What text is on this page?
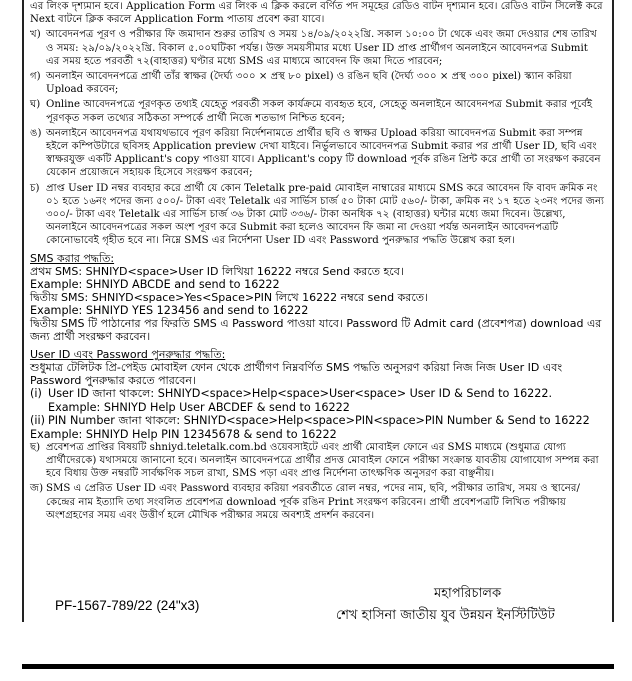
এর লিংক দৃশ্যমান হবে। Application Form এর লিংক এ ক্লিক করলে বর্ণিত পদ সমূহের রেডিও বাটন দৃশ্যমান হবে। রেডিও বাটন সিলেক্ট করে Next বাটনে ক্লিক করলে Application Form পাতায় প্রবেশ করা যাবে।

খ) আবেদনপত্র পূরণ ও পরীক্ষার ফি জমাদান শুরুর তারিখ ও সময় ১৪/০৯/২০২২খ্রি. সকাল ১০:০০ টা থেকে এবং জমা দেওয়ার শেষ তারিখ ও সময়: ২৯/০৯/২০২২খ্রি. বিকাল ৫.০০ঘটিকা পর্যন্ত। উক্ত সময়সীমার মধ্যে User ID প্রাপ্ত প্রার্থীগণ অনলাইনে আবেদনপত্র Submit এর সময় হতে পরবর্তী ৭২(বাহাত্তর) ঘণ্টার মধ্যে SMS এর মাধ্যমে আবেদন ফি জমা দিতে পারবেন;

গ) অনলাইন আবেদনপত্রে প্রার্থী তাঁর স্বাক্ষর (দৈর্ঘ্য ৩০০ × প্রস্থ ৮০ pixel) ও রঙিন ছবি (দৈর্ঘ্য ৩০০ × প্রস্থ ৩০০ pixel) স্ক্যান করিয়া Upload করবেন;

ঘ) Online আবেদনপত্রে পূরণকৃত তথ্যই যেহেতু পরবর্তী সকল কার্যক্রমে ব্যবহৃত হবে, সেহেতু অনলাইনে আবেদনপত্র Submit করার পূর্বেই পূরণকৃত সকল তথ্যের সঠিকতা সম্পর্কে প্রার্থী নিজে শতভাগ নিশ্চিত হবেন;

ঙ) অনলাইনে আবেদনপত্র যথাযথভাবে পূরণ করিয়া নির্দেশনামতে প্রার্থীর ছবি ও স্বাক্ষর Upload করিয়া আবেদনপত্র Submit করা সম্পন্ন হইলে কম্পিউটারে ছবিসহ Application preview দেখা যাইবে। নির্ভুলভাবে আবেদনপত্র Submit করার পর প্রার্থী User ID, ছবি এবং স্বাক্ষরযুক্ত একটি Applicant's copy পাওয়া যাবে। Applicant's copy টি download পূর্বক রঙিন প্রিন্ট করে প্রার্থী তা সংরক্ষণ করবেন যেকোন প্রয়োজনে সহায়ক হিসেবে সংরক্ষণ করবেন;

চ) প্রাপ্ত User ID নম্বর ব্যবহার করে প্রার্থী যে কোন Teletalk pre-paid মোবাইল নাম্বারের মাধ্যমে SMS করে আবেদন ফি বাবদ ক্রমিক নং ০১ হতে ১৬নং পদের জন্য ৫০০/- টাকা এবং Teletalk এর সার্ভিস চার্জ ৫০ টাকা মোট ৫৬০/- টাকা, ক্রমিক নং ১৭ হতে ২৩নং পদের জন্য ৩০০/- টাকা এবং Teletalk এর সার্ভিস চার্জ ৩৬ টাকা মোট ৩৩৬/- টাকা অনধিক ৭২ (বাহাত্তর) ঘন্টার মধ্যে জমা দিবেন। উল্লেখ্য, অনলাইনে আবেদনপত্রের সকল অংশ পূরণ করে Submit করা হলেও আবেদন ফি জমা না দেওয়া পর্যন্ত অনলাইন আবেদনপত্রটি কোনোভাবেই গৃহীত হবে না। নিম্নে SMS এর নির্দেশনা User ID এবং Password পুনরুদ্ধার পদ্ধতি উল্লেখ করা হল।

SMS করার পদ্ধতি:
প্রথম SMS: SHNIYD<space>User ID লিখিয়া 16222 নম্বরে Send করতে হবে।
Example: SHNIYD ABCDE and send to 16222
দ্বিতীয় SMS: SHNIYD<space>Yes<Space>PIN লিখে 16222 নম্বরে send করতে।
Example: SHNIYD YES 123456 and send to 16222
দ্বিতীয় SMS টি পাঠানোর পর ফিরতি SMS এ Password পাওয়া যাবে। Password টি Admit card (প্রবেশপত্র) download এর জন্য প্রার্থী সংরক্ষণ করবেন।
User ID এবং Password পুনরুদ্ধার পদ্ধতি:
শুধুমাত্র টেলিটক প্রি-পেইড মোবাইল ফোন থেকে প্রার্থীগণ নিম্নবর্ণিত SMS পদ্ধতি অনুসরণ করিয়া নিজ নিজ User ID এবং Password পুনরুদ্ধার করতে পারবেন।

(i) User ID জানা থাকলে: SHNIYD<space>Help<space>User<space> User ID & Send to 16222. Example: SHNIYD Help User ABCDEF & send to 16222

(ii) PIN Number জানা থাকলে: SHNIYD<space>Help<space>PIN<space>PIN Number & Send to 16222

Example: SHNIYD Help PIN 12345678 & send to 16222

ছ) প্রবেশপত্র প্রাপ্তির বিষয়টি shniyd.teletalk.com.bd ওয়েবসাইটে এবং প্রার্থী মোবাইল ফোনে এর SMS মাধ্যমে (শুধুমাত্র যোগ্য প্রার্থীদেরকে) যথাসময়ে জানানো হবে। অনলাইন আবেদনপত্রে প্রার্থীর প্রদত্ত মোবাইল ফোনে পরীক্ষা সংক্রান্ত যাবতীয় যোগাযোগ সম্পন্ন করা হবে বিধায় উক্ত নম্বরটি সার্বক্ষণিক সচল রাখা, SMS পড়া এবং প্রাপ্ত নির্দেশনা তাৎক্ষণিক অনুসরণ করা বাঞ্ছনীয়।

জ) SMS এ প্রেরিত User ID এবং Password ব্যবহার করিয়া পরবর্তীতে রোল নম্বর, পদের নাম, ছবি, পরীক্ষার তারিখ, সময় ও স্থানের/কেন্দ্রের নাম ইত্যাদি তথ্য সংবলিত প্রবেশপত্র download পূর্বক রঙিন Print সংরক্ষণ করিবেন। প্রার্থী প্রবেশপত্রটি লিখিত পরীক্ষায় অংশগ্রহণের সময় এবং উত্তীর্ণ হলে মৌখিক পরীক্ষার সময়ে অবশ্যই প্রদর্শন করবেন।

PF-1567-789/22 (24"x3)
মহাপরিচালক
শেখ হাসিনা জাতীয় যুব উন্নয়ন ইনস্টিটিউট
